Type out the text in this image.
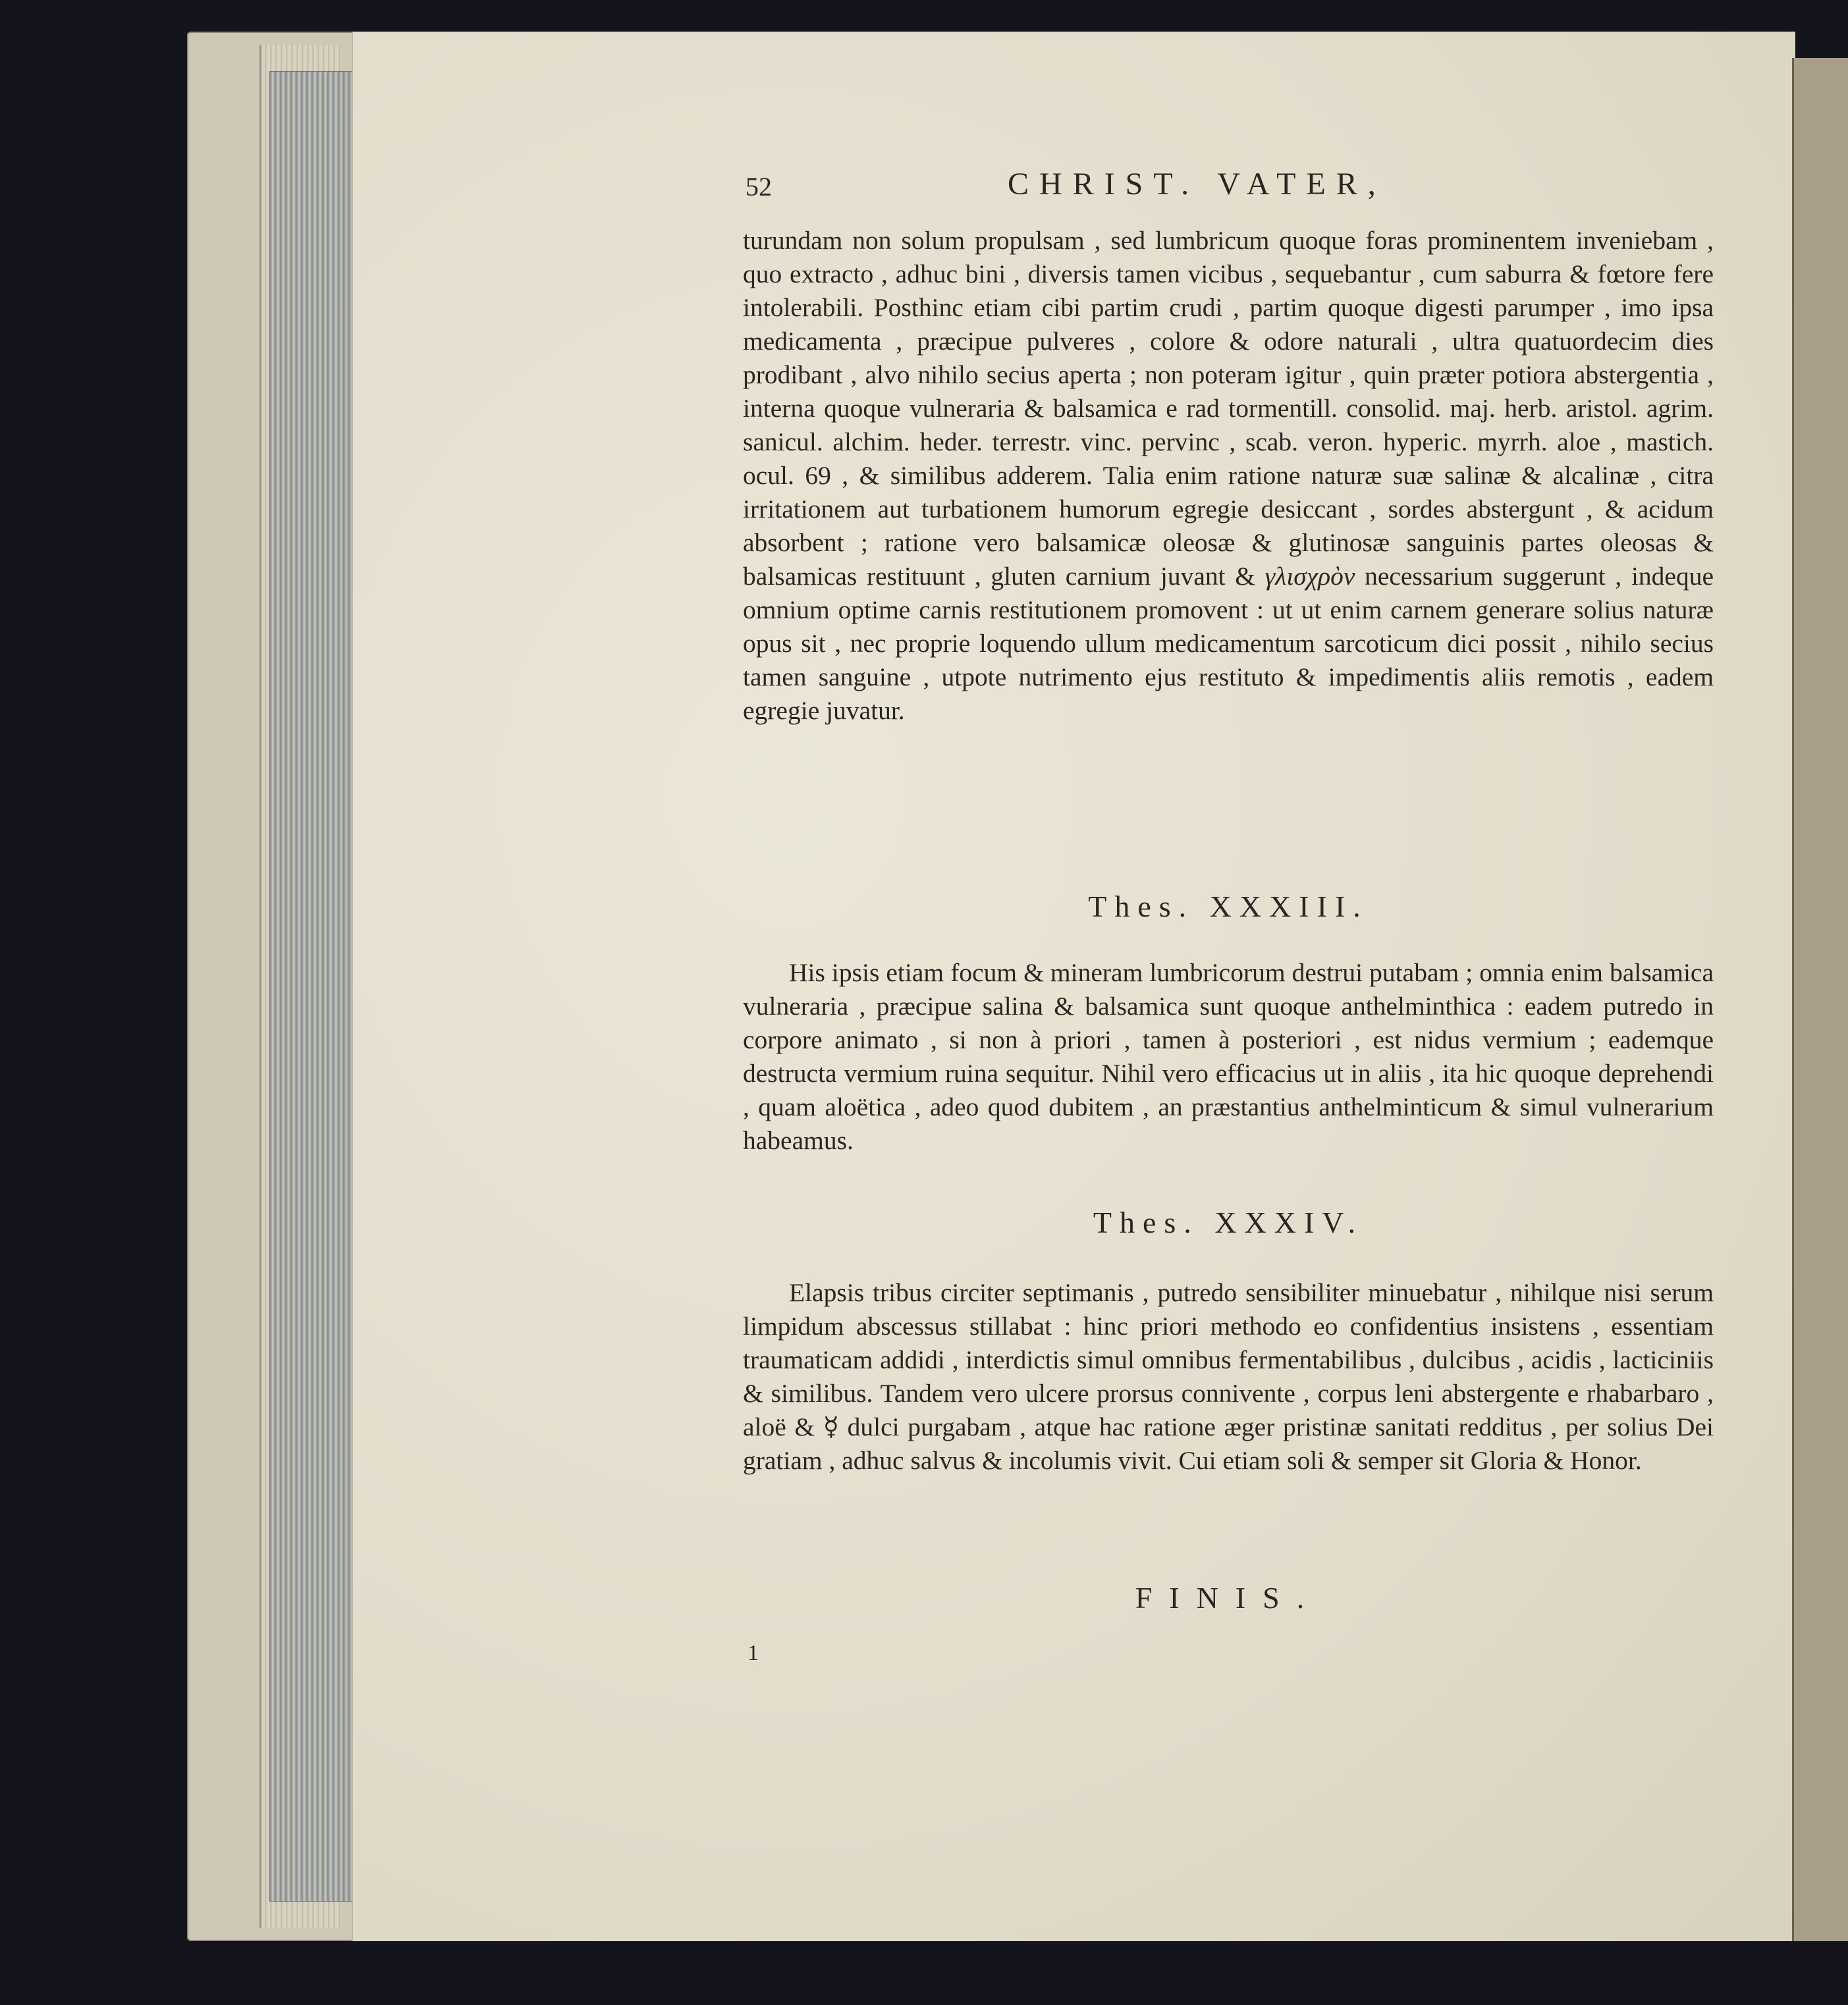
52	CHRIST. VATER,

turundam non solum propulsam , sed lumbricum quoque foras prominentem inveniebam , quo extracto , adhuc bini , diversis tamen vicibus , sequebantur , cum saburra & fœtore fere intolerabili. Posthinc etiam cibi partim crudi , partim quoque digesti parumper , imo ipsa medicamenta , præcipue pulveres , colore & odore naturali , ultra quatuordecim dies prodibant , alvo nihilo secius aperta ; non poteram igitur , quin præter potiora abstergentia , interna quoque vulneraria & balsamica e rad tormentill. consolid. maj. herb. aristol. agrim. sanicul. alchim. heder. terrestr. vinc. pervinc , scab. veron. hyperic. myrrh. aloe , mastich. ocul. 69 , & similibus adderem. Talia enim ratione naturæ suæ salinæ & alcalinæ , citra irritationem aut turbationem humorum egregie desiccant , sordes abstergunt , & acidum absorbent ; ratione vero balsamicæ oleosæ & glutinosæ sanguinis partes oleosas & balsamicas restituunt , gluten carnium juvant & γλισχρὸν necessarium suggerunt , indeque omnium optime carnis restitutionem promovent : ut ut enim carnem generare solius naturæ opus sit , nec proprie loquendo ullum medicamentum sarcoticum dici possit , nihilo secius tamen sanguine , utpote nutrimento ejus restituto & impedimentis aliis remotis , eadem egregie juvatur.

Thes. XXXIII.

His ipsis etiam focum & mineram lumbricorum destrui putabam ; omnia enim balsamica vulneraria , præcipue salina & balsamica sunt quoque anthelminthica : eadem putredo in corpore animato , si non à priori , tamen à posteriori , est nidus vermium ; eademque destructa vermium ruina sequitur. Nihil vero efficacius ut in aliis , ita hic quoque deprehendi , quam aloëtica , adeo quod dubitem , an præstantius anthelminticum & simul vulnerarium habeamus.

Thes. XXXIV.

Elapsis tribus circiter septimanis , putredo sensibiliter minuebatur , nihilque nisi serum limpidum abscessus stillabat : hinc priori methodo eo confidentius insistens , essentiam traumaticam addidi , interdictis simul omnibus fermentabilibus , dulcibus , acidis , lacticiniis & similibus. Tandem vero ulcere prorsus connivente , corpus leni abstergente e rhabarbaro , aloë & ☿ dulci purgabam , atque hac ratione æger pristinæ sanitati redditus , per solius Dei gratiam , adhuc salvus & incolumis vivit. Cui etiam soli & semper sit Gloria & Honor.

FINIS.
1
